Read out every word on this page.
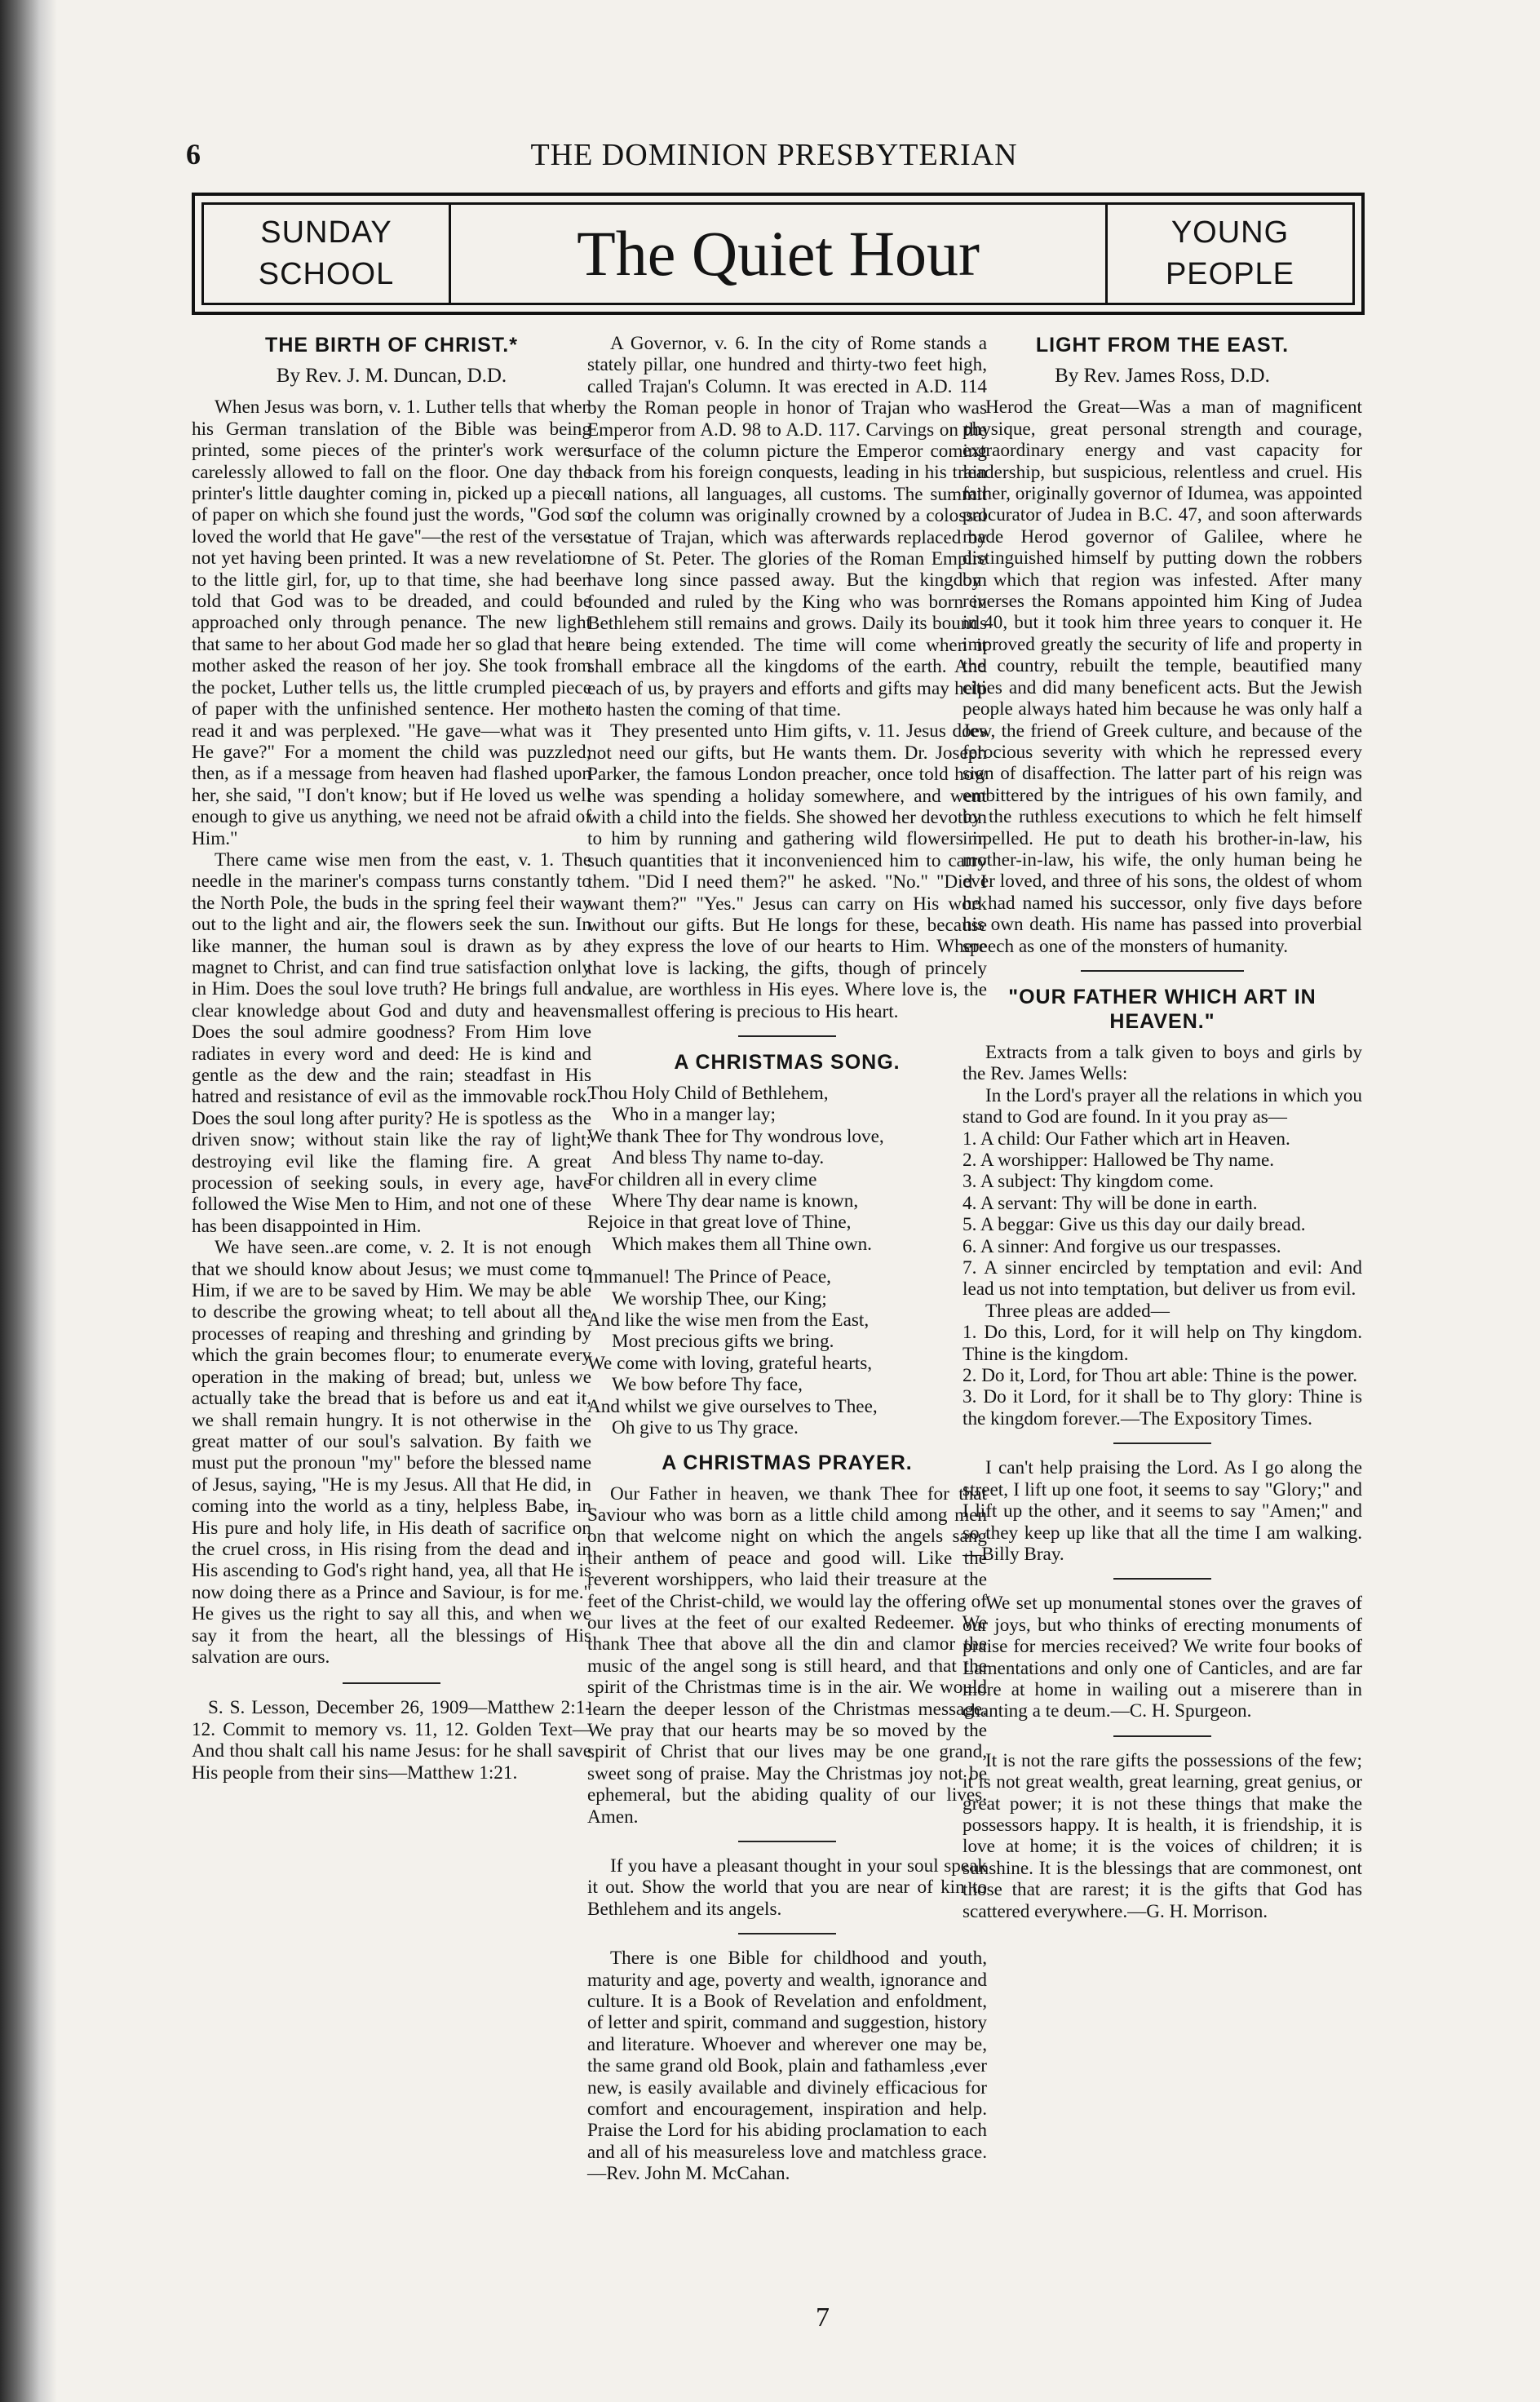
6	THE DOMINION PRESBYTERIAN
SUNDAY
SCHOOL	The Quiet Hour	YOUNG
PEOPLE
THE BIRTH OF CHRIST.*
By Rev. J. M. Duncan, D.D.

When Jesus was born, v. 1. Luther tells that when his German translation of the Bible was being printed, some pieces of the printer's work were carelessly allowed to fall on the floor. One day the printer's little daughter coming in, picked up a piece of paper on which she found just the words, "God so loved the world that He gave"—the rest of the verse not yet having been printed. It was a new revelation to the little girl, for, up to that time, she had been told that God was to be dreaded, and could be approached only through penance. The new light that same to her about God made her so glad that her mother asked the reason of her joy. She took from the pocket, Luther tells us, the little crumpled piece of paper with the unfinished sentence. Her mother read it and was perplexed. "He gave—what was it He gave?" For a moment the child was puzzled; then, as if a message from heaven had flashed upon her, she said, "I don't know; but if He loved us well enough to give us anything, we need not be afraid of Him."

There came wise men from the east, v. 1. The needle in the mariner's compass turns constantly to the North Pole, the buds in the spring feel their way out to the light and air, the flowers seek the sun. In like manner, the human soul is drawn as by a magnet to Christ, and can find true satisfaction only in Him. Does the soul love truth? He brings full and clear knowledge about God and duty and heaven. Does the soul admire goodness? From Him love radiates in every word and deed: He is kind and gentle as the dew and the rain; steadfast in His hatred and resistance of evil as the immovable rock. Does the soul long after purity? He is spotless as the driven snow; without stain like the ray of light; destroying evil like the flaming fire. A great procession of seeking souls, in every age, have followed the Wise Men to Him, and not one of these has been disappointed in Him.

We have seen..are come, v. 2. It is not enough that we should know about Jesus; we must come to Him, if we are to be saved by Him. We may be able to describe the growing wheat; to tell about all the processes of reaping and threshing and grinding by which the grain becomes flour; to enumerate every operation in the making of bread; but, unless we actually take the bread that is before us and eat it, we shall remain hungry. It is not otherwise in the great matter of our soul's salvation. By faith we must put the pronoun "my" before the blessed name of Jesus, saying, "He is my Jesus. All that He did, in coming into the world as a tiny, helpless Babe, in His pure and holy life, in His death of sacrifice on the cruel cross, in His rising from the dead and in His ascending to God's right hand, yea, all that He is now doing there as a Prince and Saviour, is for me." He gives us the right to say all this, and when we say it from the heart, all the blessings of His salvation are ours.

S. S. Lesson, December 26, 1909—Matthew 2:1-12. Commit to memory vs. 11, 12. Golden Text—And thou shalt call his name Jesus: for he shall save His people from their sins—Matthew 1:21.

A Governor, v. 6. In the city of Rome stands a stately pillar, one hundred and thirty-two feet high, called Trajan's Column. It was erected in A.D. 114 by the Roman people in honor of Trajan who was Emperor from A.D. 98 to A.D. 117. Carvings on the surface of the column picture the Emperor coming back from his foreign conquests, leading in his train all nations, all languages, all customs. The summit of the column was originally crowned by a colossal statue of Trajan, which was afterwards replaced by one of St. Peter. The glories of the Roman Empire have long since passed away. But the kingdom founded and ruled by the King who was born in Bethlehem still remains and grows. Daily its bounds are being extended. The time will come when it shall embrace all the kingdoms of the earth. And each of us, by prayers and efforts and gifts may help to hasten the coming of that time.

They presented unto Him gifts, v. 11. Jesus does not need our gifts, but He wants them. Dr. Joseph Parker, the famous London preacher, once told how he was spending a holiday somewhere, and went with a child into the fields. She showed her devotion to him by running and gathering wild flowers in such quantities that it inconvenienced him to carry them. "Did I need them?" he asked. "No." "Did I want them?" "Yes." Jesus can carry on His work without our gifts. But He longs for these, because they express the love of our hearts to Him. Where that love is lacking, the gifts, though of princely value, are worthless in His eyes. Where love is, the smallest offering is precious to His heart.

A CHRISTMAS SONG.
Thou Holy Child of Bethlehem,
Who in a manger lay;
We thank Thee for Thy wondrous love,
And bless Thy name to-day.
For children all in every clime
Where Thy dear name is known,
Rejoice in that great love of Thine,
Which makes them all Thine own.
Immanuel! The Prince of Peace,
We worship Thee, our King;
And like the wise men from the East,
Most precious gifts we bring.
We come with loving, grateful hearts,
We bow before Thy face,
And whilst we give ourselves to Thee,
Oh give to us Thy grace.
A CHRISTMAS PRAYER.

Our Father in heaven, we thank Thee for that Saviour who was born as a little child among men on that welcome night on which the angels sang their anthem of peace and good will. Like the reverent worshippers, who laid their treasure at the feet of the Christ-child, we would lay the offering of our lives at the feet of our exalted Redeemer. We thank Thee that above all the din and clamor the music of the angel song is still heard, and that the spirit of the Christmas time is in the air. We would learn the deeper lesson of the Christmas message. We pray that our hearts may be so moved by the spirit of Christ that our lives may be one grand, sweet song of praise. May the Christmas joy not be ephemeral, but the abiding quality of our lives. Amen.

If you have a pleasant thought in your soul speak it out. Show the world that you are near of kin to Bethlehem and its angels.

There is one Bible for childhood and youth, maturity and age, poverty and wealth, ignorance and culture. It is a Book of Revelation and enfoldment, of letter and spirit, command and suggestion, history and literature. Whoever and wherever one may be, the same grand old Book, plain and fathamless ,ever new, is easily available and divinely efficacious for comfort and encouragement, inspiration and help. Praise the Lord for his abiding proclamation to each and all of his measureless love and matchless grace.—Rev. John M. McCahan.

LIGHT FROM THE EAST.
By Rev. James Ross, D.D.

Herod the Great—Was a man of magnificent physique, great personal strength and courage, extraordinary energy and vast capacity for leadership, but suspicious, relentless and cruel. His father, originally governor of Idumea, was appointed procurator of Judea in B.C. 47, and soon afterwards made Herod governor of Galilee, where he distinguished himself by putting down the robbers by which that region was infested. After many reverses the Romans appointed him King of Judea in 40, but it took him three years to conquer it. He improved greatly the security of life and property in the country, rebuilt the temple, beautified many cities and did many beneficent acts. But the Jewish people always hated him because he was only half a Jew, the friend of Greek culture, and because of the ferocious severity with which he repressed every sign of disaffection. The latter part of his reign was embittered by the intrigues of his own family, and by the ruthless executions to which he felt himself impelled. He put to death his brother-in-law, his mother-in-law, his wife, the only human being he ever loved, and three of his sons, the oldest of whom he had named his successor, only five days before his own death. His name has passed into proverbial speech as one of the monsters of humanity.

"OUR FATHER WHICH ART IN HEAVEN."

Extracts from a talk given to boys and girls by the Rev. James Wells:

In the Lord's prayer all the relations in which you stand to God are found. In it you pray as—

1. A child: Our Father which art in Heaven.

2. A worshipper: Hallowed be Thy name.

3. A subject: Thy kingdom come.

4. A servant: Thy will be done in earth.

5. A beggar: Give us this day our daily bread.

6. A sinner: And forgive us our trespasses.

7. A sinner encircled by temptation and evil: And lead us not into temptation, but deliver us from evil.

Three pleas are added—

1. Do this, Lord, for it will help on Thy kingdom. Thine is the kingdom.

2. Do it, Lord, for Thou art able: Thine is the power.

3. Do it Lord, for it shall be to Thy glory: Thine is the kingdom forever.—The Expository Times.

I can't help praising the Lord. As I go along the street, I lift up one foot, it seems to say "Glory;" and I lift up the other, and it seems to say "Amen;" and so they keep up like that all the time I am walking.—Billy Bray.

We set up monumental stones over the graves of our joys, but who thinks of erecting monuments of praise for mercies received? We write four books of Lamentations and only one of Canticles, and are far more at home in wailing out a miserere than in chanting a te deum.—C. H. Spurgeon.

It is not the rare gifts the possessions of the few; it is not great wealth, great learning, great genius, or great power; it is not these things that make the possessors happy. It is health, it is friendship, it is love at home; it is the voices of children; it is sunshine. It is the blessings that are commonest, ont those that are rarest; it is the gifts that God has scattered everywhere.—G. H. Morrison.

7
